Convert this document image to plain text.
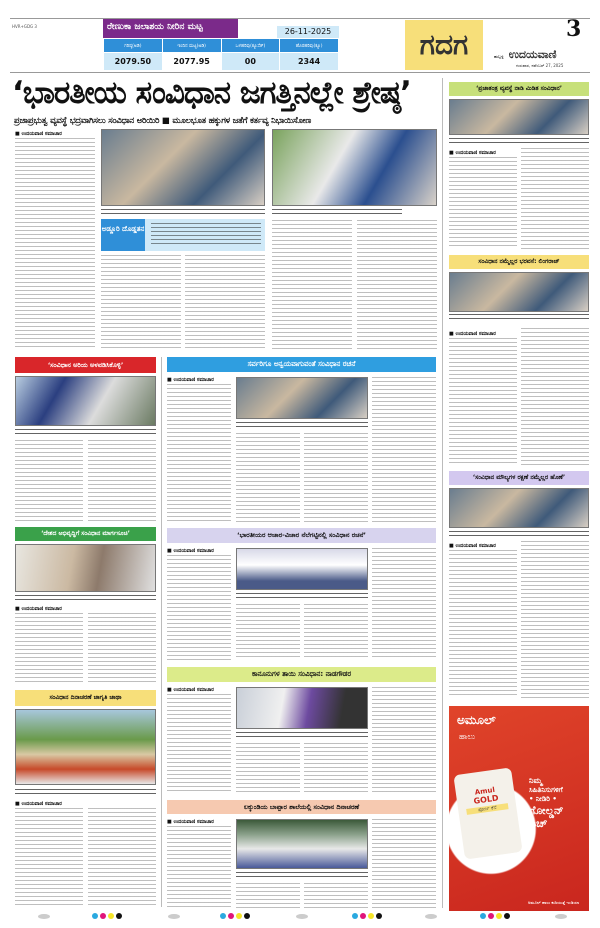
HVR+GDG 3	ರೇಣುಕಾ ಜಲಾಶಯ ನೀರಿನ ಮಟ್ಟ	26-11-2025
ಗರಿಷ್ಠ(ಅಡಿ)	ಇಂದಿನ ಮಟ್ಟ(ಅಡಿ)	ಒಳಹರಿವು(ಕ್ಯೂಸೆಕ್)	ಹೊರಹರಿವು(ಕ್ಯೂ)
2079.50	2077.95	00	2344
ಗದಗ	3
ಹುಬ್ಬಳ್ಳಿ ಉದಯವಾಣಿ
ಗುರುವಾರ, ನವೆಂಬರ್ 27, 2025
‘ಭಾರತೀಯ ಸಂವಿಧಾನ ಜಗತ್ತಿನಲ್ಲೇ ಶ್ರೇಷ್ಠ’
ಪ್ರಜಾಪ್ರಭುತ್ವ ವ್ಯವಸ್ಥೆ ಭದ್ರವಾಗಿಸಲು ಸಂವಿಧಾನ ಅರಿಯಿರಿ ■ ಮೂಲಭೂತ ಹಕ್ಕುಗಳ ಜತೆಗೆ ಕರ್ತವ್ಯ ನಿಭಾಯಿಸೋಣ
■ ಉದಯವಾಣಿ ಸಮಾಚಾರ
ಅಡ್ಡೂರಿ ದೊಡ್ಡತನ
‘ಪ್ರಜಾತಂತ್ರ ವ್ಯವಸ್ಥೆ ನಾಡಿ ಮಿಡಿತ ಸಂವಿಧಾನ’
■ ಉದಯವಾಣಿ ಸಮಾಚಾರ
ಸಂವಿಧಾನ ನಮ್ಮೆಲ್ಲರ ಭರವಸೆ: ಲಿಂಗರಾಜ್
■ ಉದಯವಾಣಿ ಸಮಾಚಾರ
‘ಸಂವಿಧಾನ ಮೌಲ್ಯಗಳ ರಕ್ಷಣೆ ನಮ್ಮೆಲ್ಲರ ಹೊಣೆ’
■ ಉದಯವಾಣಿ ಸಮಾಚಾರ
ಅಮೂಲ್
ಹಾಲು
ನಿಮ್ಮ
ಸಿಹಿತಿನಿಸುಗಳಿಗೆ
• ನೀಡಿರಿ •
ಗೋಲ್ಡನ್
ಟಚ್
Amul
GOLD
ಪೂರ್ಣ ಕೆನೆ
ಅಮೂಲ್ ಹಾಲು ಕುಡಿಯುತ್ತೆ ಇಂಡಿಯಾ
‘ಸಂವಿಧಾನ ಅರಿಯ ಅಳವಡಿಸಿಕೊಳ್ಳಿ’	ಸರ್ವರಿಗೂ ಅನ್ವಯವಾಗುವಂತೆ ಸಂವಿಧಾನ ರಚನೆ
■ ಉದಯವಾಣಿ ಸಮಾಚಾರ
‘ದೇಶದ ಅಭಿವೃದ್ಧಿಗೆ ಸಂವಿಧಾನ ಮಾರ್ಗಸೂಚಿ’
■ ಉದಯವಾಣಿ ಸಮಾಚಾರ
‘ಭಾರತೀಯರ ಆಚಾರ-ವಿಚಾರ ನೆಲೆಗಟ್ಟಿನಲ್ಲಿ ಸಂವಿಧಾನ ರಚನೆ’
■ ಉದಯವಾಣಿ ಸಮಾಚಾರ
ಕಾನೂನುಗಳ ತಾಯಿ ಸಂವಿಧಾನ: ನಾಡಗೌಡರ
■ ಉದಯವಾಣಿ ಸಮಾಚಾರ
ಸಂವಿಧಾನ ದಿನಾಚರಣೆ ಜಾಗೃತಿ ಜಾಥಾ
■ ಉದಯವಾಣಿ ಸಮಾಚಾರ	ಲಕ್ಕುಂಡಿಯ ಬಾಪ್ಪಾರ ಶಾಲೆಯಲ್ಲಿ ಸಂವಿಧಾನ ದಿನಾಚರಣೆ
■ ಉದಯವಾಣಿ ಸಮಾಚಾರ
